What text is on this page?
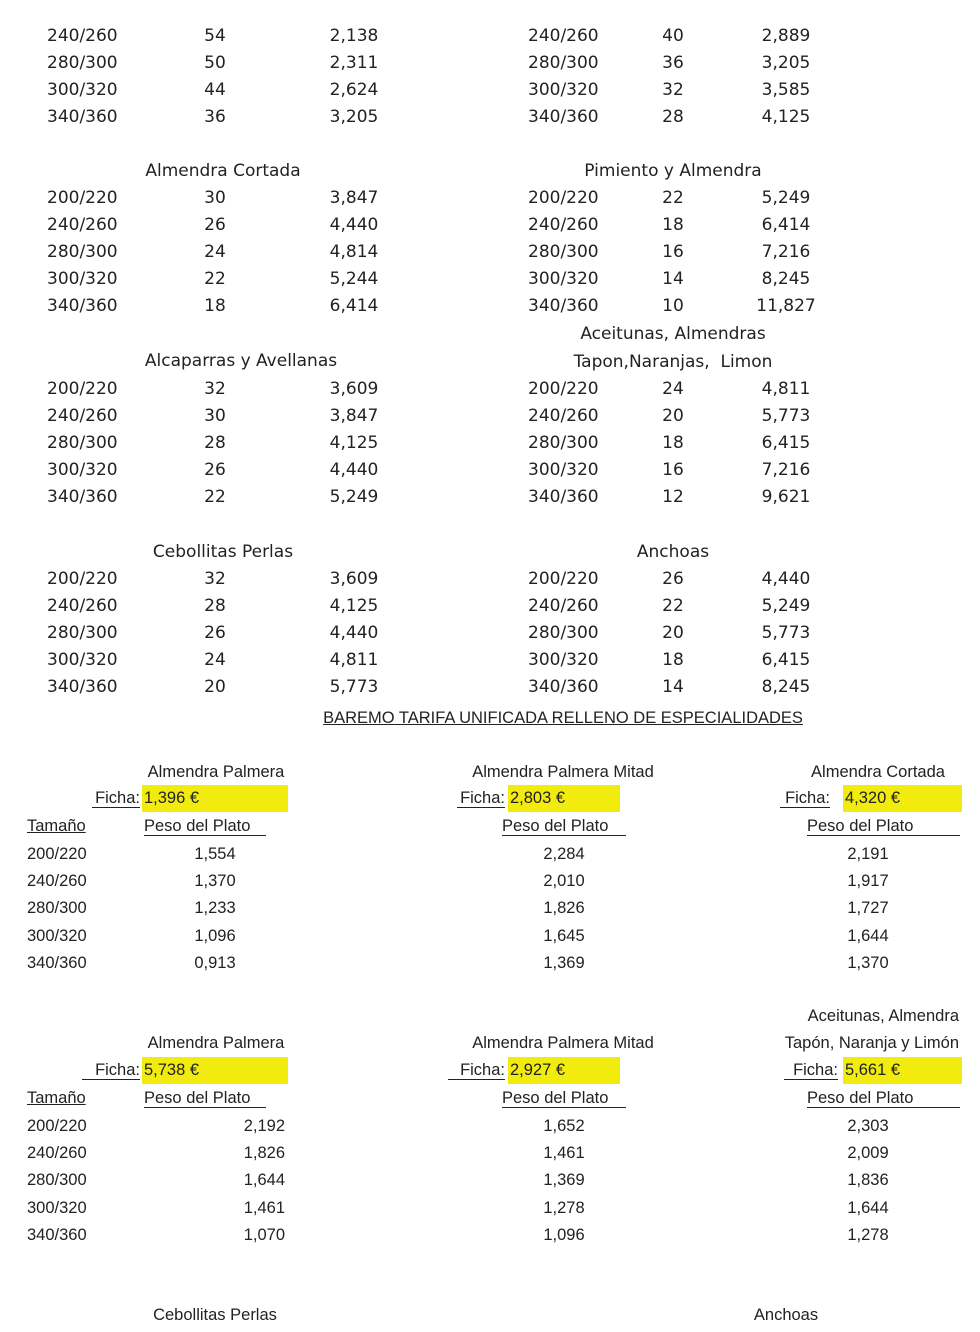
240/260	54	2,138
280/300	50	2,311
300/320	44	2,624
340/360	36	3,205
Almendra Cortada
200/220	30	3,847
240/260	26	4,440
280/300	24	4,814
300/320	22	5,244
340/360	18	6,414
Alcaparras y Avellanas
200/220	32	3,609
240/260	30	3,847
280/300	28	4,125
300/320	26	4,440
340/360	22	5,249
Cebollitas Perlas
200/220	32	3,609
240/260	28	4,125
280/300	26	4,440
300/320	24	4,811
340/360	20	5,773
240/260	40	2,889
280/300	36	3,205
300/320	32	3,585
340/360	28	4,125
Pimiento y Almendra
200/220	22	5,249
240/260	18	6,414
280/300	16	7,216
300/320	14	8,245
340/360	10	11,827
Aceitunas, Almendras
Tapon,Naranjas,  Limon
200/220	24	4,811
240/260	20	5,773
280/300	18	6,415
300/320	16	7,216
340/360	12	9,621
Anchoas
200/220	26	4,440
240/260	22	5,249
280/300	20	5,773
300/320	18	6,415
340/360	14	8,245
BAREMO TARIFA UNIFICADA RELLENO DE ESPECIALIDADES
Almendra Palmera
Ficha: 1,396 €
Tamaño	Peso del Plato
200/220	1,554
240/260	1,370
280/300	1,233
300/320	1,096
340/360	0,913
Almendra Palmera Mitad
Ficha: 2,803 €
Peso del Plato
2,284
2,010
1,826
1,645
1,369
Almendra Cortada
Ficha: 4,320 €
Peso del Plato
2,191
1,917
1,727
1,644
1,370
Almendra Palmera
Ficha: 5,738 €
Tamaño	Peso del Plato
200/220	2,192
240/260	1,826
280/300	1,644
300/320	1,461
340/360	1,070
Almendra Palmera Mitad
Ficha: 2,927 €
Peso del Plato
1,652
1,461
1,369
1,278
1,096
Aceitunas, Almendra
Tapón, Naranja y Limón
Ficha: 5,661 €
Peso del Plato
2,303
2,009
1,836
1,644
1,278
Cebollitas Perlas	Anchoas
